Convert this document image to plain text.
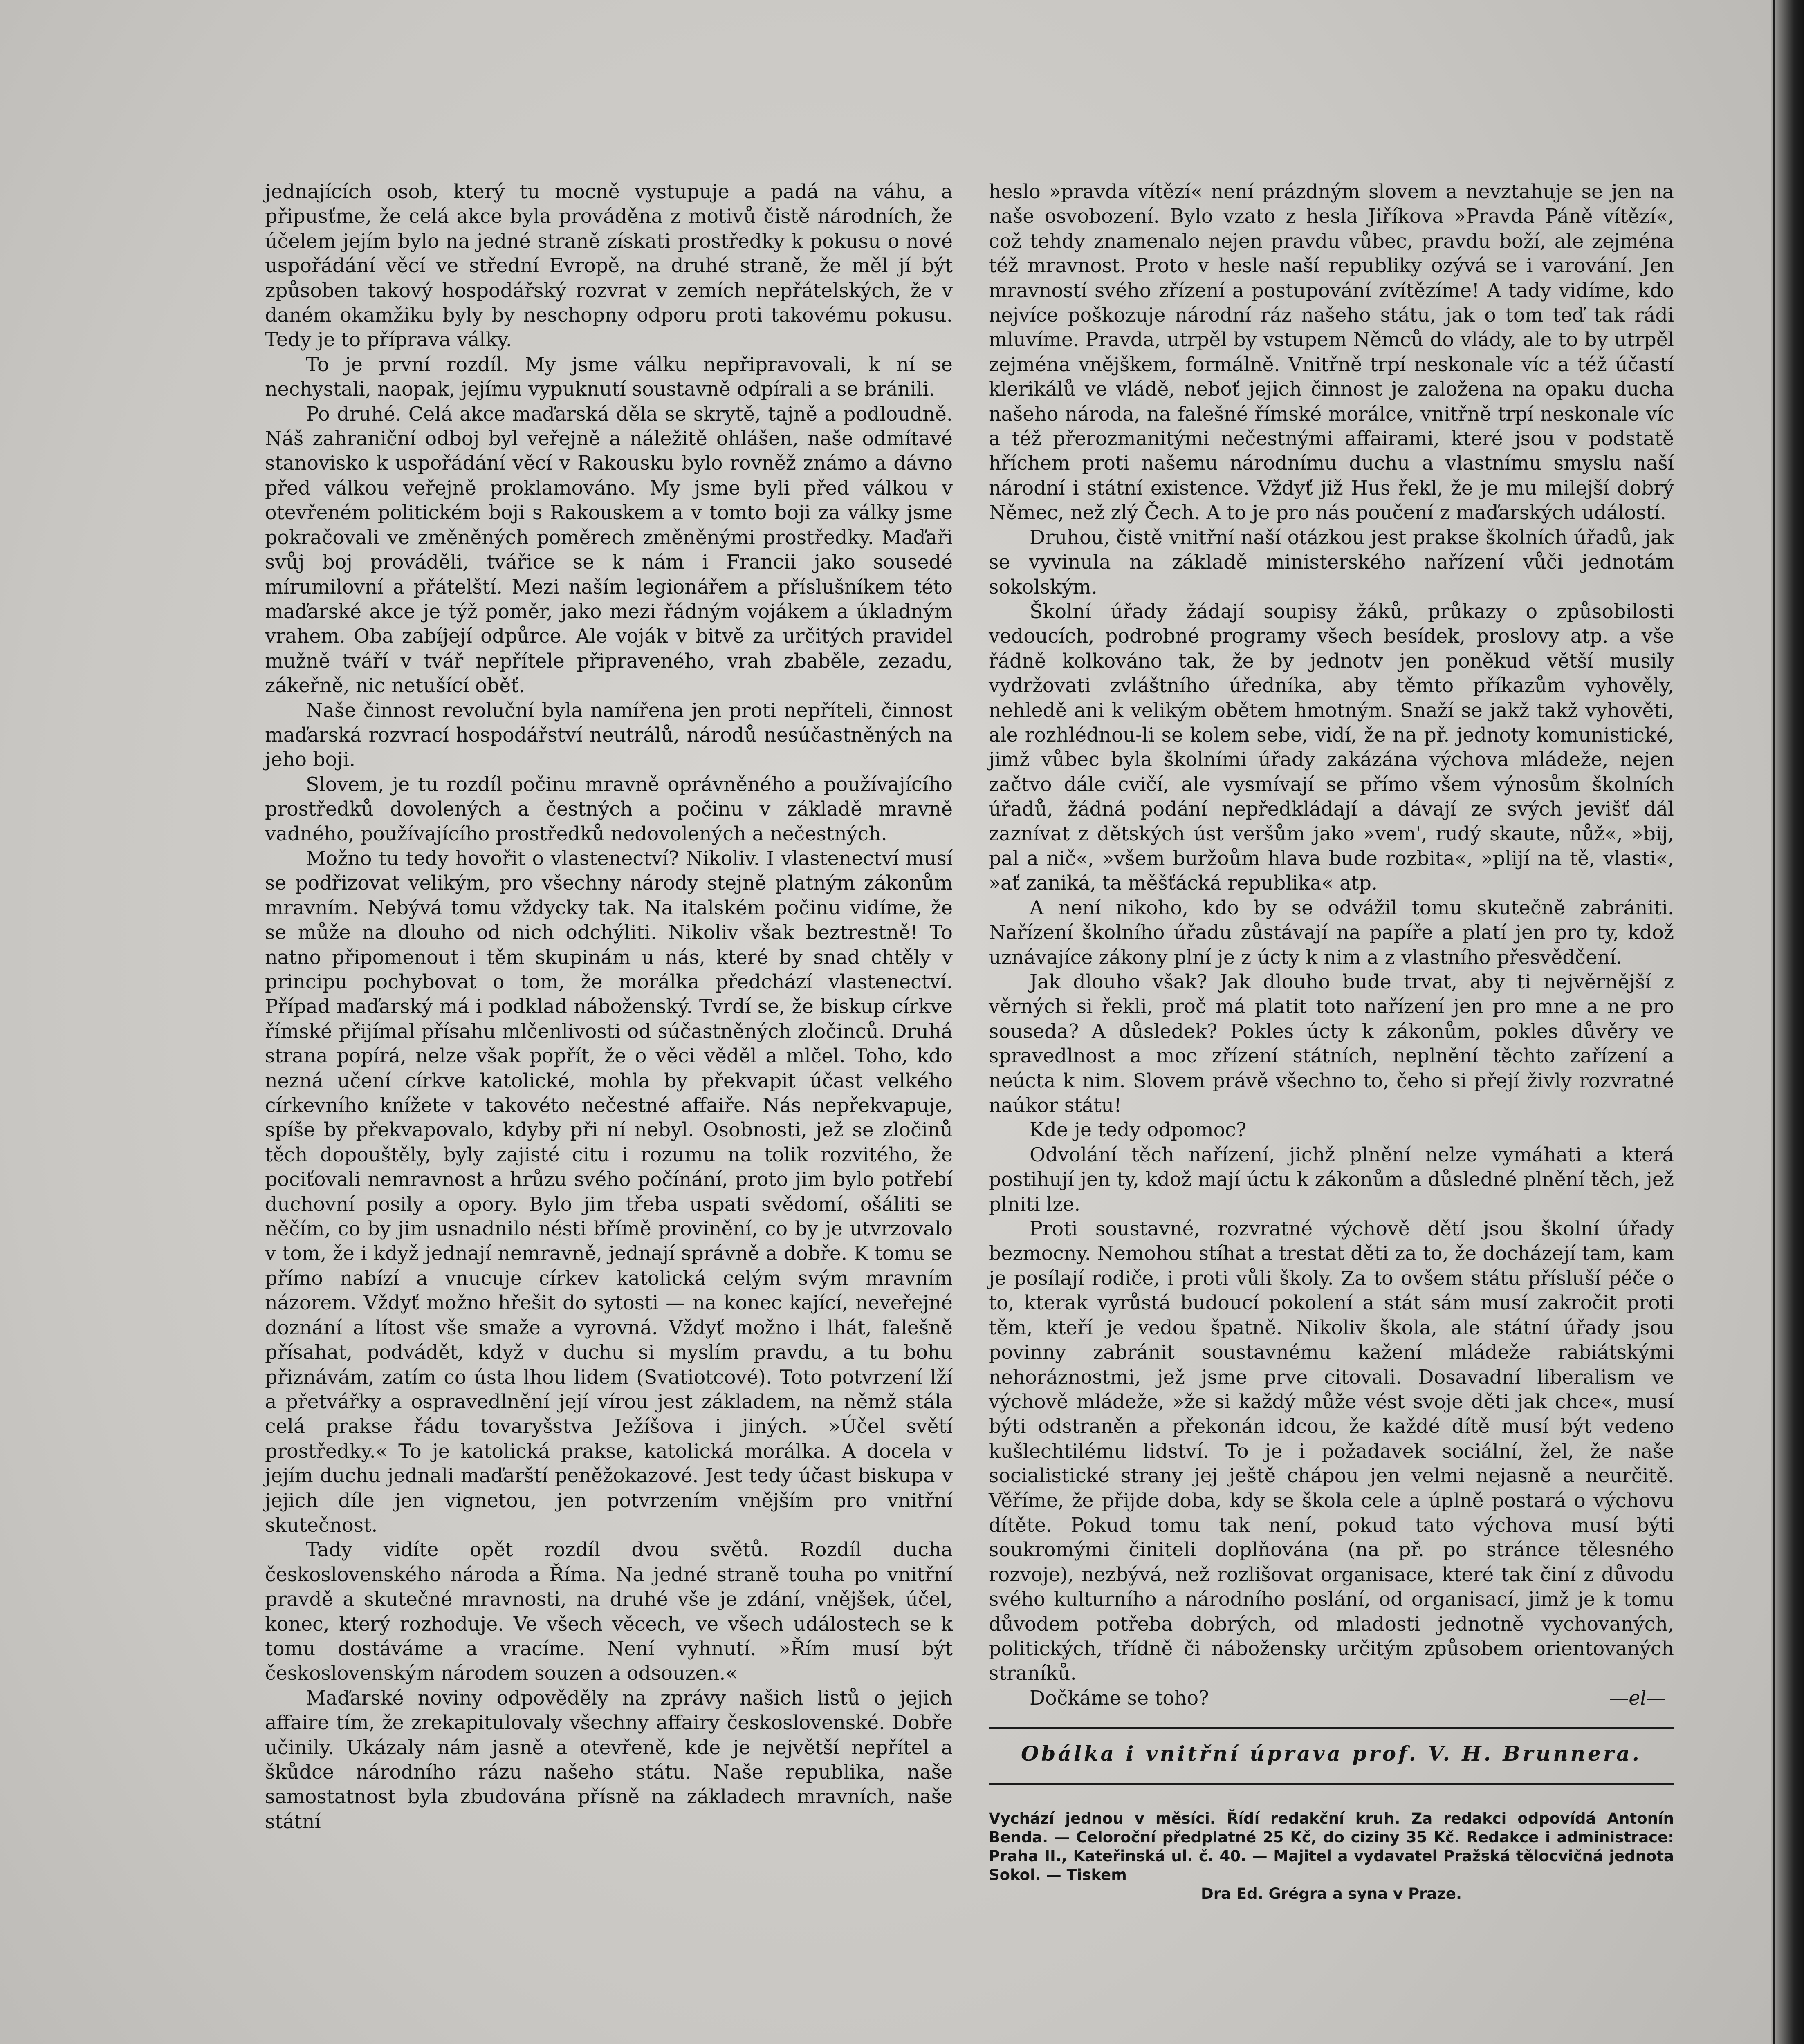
jednajících osob, který tu mocně vystupuje a padá na váhu, a připusťme, že celá akce byla prováděna z motivů čistě národních, že účelem jejím bylo na jedné straně získati prostředky k pokusu o nové uspořádání věcí ve střední Evropě, na druhé straně, že měl jí být způsoben takový hospodářský rozvrat v zemích nepřátelských, že v daném okamžiku byly by neschopny odporu proti takovému pokusu. Tedy je to příprava války.

To je první rozdíl. My jsme válku nepřipravovali, k ní se nechystali, naopak, jejímu vypuknutí soustavně odpírali a se bránili.

Po druhé. Celá akce maďarská děla se skrytě, tajně a podloudně. Náš zahraniční odboj byl veřejně a náležitě ohlášen, naše odmítavé stanovisko k uspořádání věcí v Rakousku bylo rovněž známo a dávno před válkou veřejně proklamováno. My jsme byli před válkou v otevřeném politickém boji s Rakouskem a v tomto boji za války jsme pokračovali ve změněných poměrech změněnými prostředky. Maďaři svůj boj prováděli, tvářice se k nám i Francii jako sousedé mírumilovní a přátelští. Mezi naším legionářem a příslušníkem této maďarské akce je týž poměr, jako mezi řádným vojákem a úkladným vrahem. Oba zabíjejí odpůrce. Ale voják v bitvě za určitých pravidel mužně tváří v tvář nepřítele připraveného, vrah zbaběle, zezadu, zákeřně, nic netušící oběť.

Naše činnost revoluční byla namířena jen proti nepříteli, činnost maďarská rozvrací hospodářství neutrálů, národů nesúčastněných na jeho boji.

Slovem, je tu rozdíl počinu mravně oprávněného a používajícího prostředků dovolených a čestných a počinu v základě mravně vadného, používajícího prostředků nedovolených a nečestných.

Možno tu tedy hovořit o vlastenectví? Nikoliv. I vlastenectví musí se podřizovat velikým, pro všechny národy stejně platným zákonům mravním. Nebývá tomu vždycky tak. Na italském počinu vidíme, že se může na dlouho od nich odchýliti. Nikoliv však beztrestně! To natno připomenout i těm skupinám u nás, které by snad chtěly v principu pochybovat o tom, že morálka předchází vlastenectví. Případ maďarský má i podklad náboženský. Tvrdí se, že biskup církve římské přijímal přísahu mlčenlivosti od súčastněných zločinců. Druhá strana popírá, nelze však popřít, že o věci věděl a mlčel. Toho, kdo nezná učení církve katolické, mohla by překvapit účast velkého církevního knížete v takovéto nečestné affaiře. Nás nepřekvapuje, spíše by překvapovalo, kdyby při ní nebyl. Osobnosti, jež se zločinů těch dopouštěly, byly zajisté citu i rozumu na tolik rozvitého, že pociťovali nemravnost a hrůzu svého počínání, proto jim bylo potřebí duchovní posily a opory. Bylo jim třeba uspati svědomí, ošáliti se něčím, co by jim usnadnilo nésti břímě provinění, co by je utvrzovalo v tom, že i když jednají nemravně, jednají správně a dobře. K tomu se přímo nabízí a vnucuje církev katolická celým svým mravním názorem. Vždyť možno hřešit do sytosti — na konec kající, neveřejné doznání a lítost vše smaže a vyrovná. Vždyť možno i lhát, falešně přísahat, podvádět, když v duchu si myslím pravdu, a tu bohu přiznávám, zatím co ústa lhou lidem (Svatiotcové). Toto potvrzení lží a přetvářky a ospravedlnění její vírou jest základem, na němž stála celá prakse řádu tovaryšstva Ježíšova i jiných. »Účel světí prostředky.« To je katolická prakse, katolická morálka. A docela v jejím duchu jednali maďarští peněžokazové. Jest tedy účast biskupa v jejich díle jen vignetou, jen potvrzením vnějším pro vnitřní skutečnost.

Tady vidíte opět rozdíl dvou světů. Rozdíl ducha československého národa a Říma. Na jedné straně touha po vnitřní pravdě a skutečné mravnosti, na druhé vše je zdání, vnějšek, účel, konec, který rozhoduje. Ve všech věcech, ve všech událostech se k tomu dostáváme a vracíme. Není vyhnutí. »Řím musí být československým národem souzen a odsouzen.«

Maďarské noviny odpověděly na zprávy našich listů o jejich affaire tím, že zrekapitulovaly všechny affairy československé. Dobře učinily. Ukázaly nám jasně a otevřeně, kde je největší nepřítel a škůdce národního rázu našeho státu. Naše republika, naše samostatnost byla zbudována přísně na základech mravních, naše státní

heslo »pravda vítězí« není prázdným slovem a nevztahuje se jen na naše osvobození. Bylo vzato z hesla Jiříkova »Pravda Páně vítězí«, což tehdy znamenalo nejen pravdu vůbec, pravdu boží, ale zejména též mravnost. Proto v hesle naší republiky ozývá se i varování. Jen mravností svého zřízení a postupování zvítězíme! A tady vidíme, kdo nejvíce poškozuje národní ráz našeho státu, jak o tom teď tak rádi mluvíme. Pravda, utrpěl by vstupem Němců do vlády, ale to by utrpěl zejména vnějškem, formálně. Vnitřně trpí neskonale víc a též účastí klerikálů ve vládě, neboť jejich činnost je založena na opaku ducha našeho národa, na falešné římské morálce, vnitřně trpí neskonale víc a též přerozmanitými nečestnými affairami, které jsou v podstatě hříchem proti našemu národnímu duchu a vlastnímu smyslu naší národní i státní existence. Vždyť již Hus řekl, že je mu milejší dobrý Němec, než zlý Čech. A to je pro nás poučení z maďarských událostí.

Druhou, čistě vnitřní naší otázkou jest prakse školních úřadů, jak se vyvinula na základě ministerského nařízení vůči jednotám sokolským.

Školní úřady žádají soupisy žáků, průkazy o způsobilosti vedoucích, podrobné programy všech besídek, proslovy atp. a vše řádně kolkováno tak, že by jednotv jen poněkud větší musily vydržovati zvláštního úředníka, aby těmto příkazům vyhověly, nehledě ani k velikým obětem hmotným. Snaží se jakž takž vyhověti, ale rozhlédnou-li se kolem sebe, vidí, že na př. jednoty komunistické, jimž vůbec byla školními úřady zakázána výchova mládeže, nejen začtvo dále cvičí, ale vysmívají se přímo všem výnosům školních úřadů, žádná podání nepředkládají a dávají ze svých jevišť dál zaznívat z dětských úst veršům jako »vem', rudý skaute, nůž«, »bij, pal a nič«, »všem buržoům hlava bude rozbita«, »plijí na tě, vlasti«, »ať zaniká, ta měšťácká republika« atp.

A není nikoho, kdo by se odvážil tomu skutečně zabrániti. Nařízení školního úřadu zůstávají na papíře a platí jen pro ty, kdož uznávajíce zákony plní je z úcty k nim a z vlastního přesvědčení.

Jak dlouho však? Jak dlouho bude trvat, aby ti nejvěrnější z věrných si řekli, proč má platit toto nařízení jen pro mne a ne pro souseda? A důsledek? Pokles úcty k zákonům, pokles důvěry ve spravedlnost a moc zřízení státních, neplnění těchto zařízení a neúcta k nim. Slovem právě všechno to, čeho si přejí živly rozvratné naúkor státu!

Kde je tedy odpomoc?

Odvolání těch nařízení, jichž plnění nelze vymáhati a která postihují jen ty, kdož mají úctu k zákonům a důsledné plnění těch, jež plniti lze.

Proti soustavné, rozvratné výchově dětí jsou školní úřady bezmocny. Nemohou stíhat a trestat děti za to, že docházejí tam, kam je posílají rodiče, i proti vůli školy. Za to ovšem státu přísluší péče o to, kterak vyrůstá budoucí pokolení a stát sám musí zakročit proti těm, kteří je vedou špatně. Nikoliv škola, ale státní úřady jsou povinny zabránit soustavnému kažení mládeže rabiátskými nehoráznostmi, jež jsme prve citovali. Dosavadní liberalism ve výchově mládeže, »že si každý může vést svoje děti jak chce«, musí býti odstraněn a překonán idcou, že každé dítě musí být vedeno kušlechtilému lidství. To je i požadavek sociální, žel, že naše socialistické strany jej ještě chápou jen velmi nejasně a neurčitě. Věříme, že přijde doba, kdy se škola cele a úplně postará o výchovu dítěte. Pokud tomu tak není, pokud tato výchova musí býti soukromými činiteli doplňována (na př. po stránce tělesného rozvoje), nezbývá, než rozlišovat organisace, které tak činí z důvodu svého kulturního a národního poslání, od organisací, jimž je k tomu důvodem potřeba dobrých, od mladosti jednotně vychovaných, politických, třídně či nábožensky určitým způsobem orientovaných straníků.

Dočkáme se toho?	—el—
Obálka i vnitřní úprava prof. V. H. Brunnera.
Vychází jednou v měsíci. Řídí redakční kruh. Za redakci odpovídá Antonín Benda. — Celoroční předplatné 25 Kč, do ciziny 35 Kč. Redakce i administrace: Praha II., Kateřinská ul. č. 40. — Majitel a vydavatel Pražská tělocvičná jednota Sokol. — Tiskem
Dra Ed. Grégra a syna v Praze.
